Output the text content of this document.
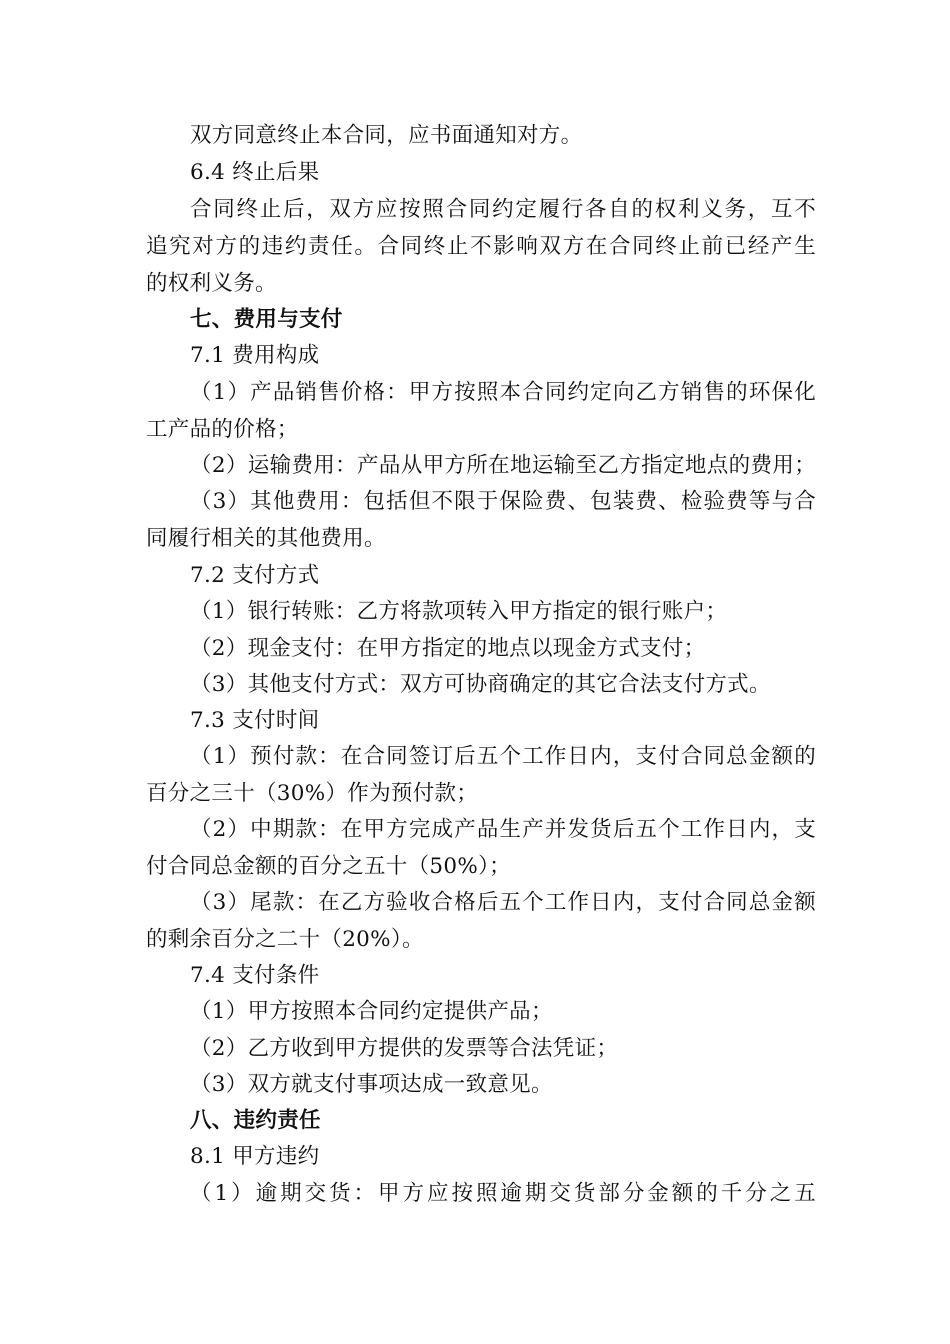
双方同意终止本合同，应书面通知对方。
6.4 终止后果
合同终止后，双方应按照合同约定履行各自的权利义务，互不
追究对方的违约责任。合同终止不影响双方在合同终止前已经产生
的权利义务。
七、费用与支付
7.1 费用构成
（1）产品销售价格：甲方按照本合同约定向乙方销售的环保化
工产品的价格；
（2）运输费用：产品从甲方所在地运输至乙方指定地点的费用；
（3）其他费用：包括但不限于保险费、包装费、检验费等与合
同履行相关的其他费用。
7.2 支付方式
（1）银行转账：乙方将款项转入甲方指定的银行账户；
（2）现金支付：在甲方指定的地点以现金方式支付；
（3）其他支付方式：双方可协商确定的其它合法支付方式。
7.3 支付时间
（1）预付款：在合同签订后五个工作日内，支付合同总金额的
百分之三十（30%）作为预付款；
（2）中期款：在甲方完成产品生产并发货后五个工作日内，支
付合同总金额的百分之五十（50%）；
（3）尾款：在乙方验收合格后五个工作日内，支付合同总金额
的剩余百分之二十（20%）。
7.4 支付条件
（1）甲方按照本合同约定提供产品；
（2）乙方收到甲方提供的发票等合法凭证；
（3）双方就支付事项达成一致意见。
八、违约责任
8.1 甲方违约
（1）逾期交货：甲方应按照逾期交货部分金额的千分之五
